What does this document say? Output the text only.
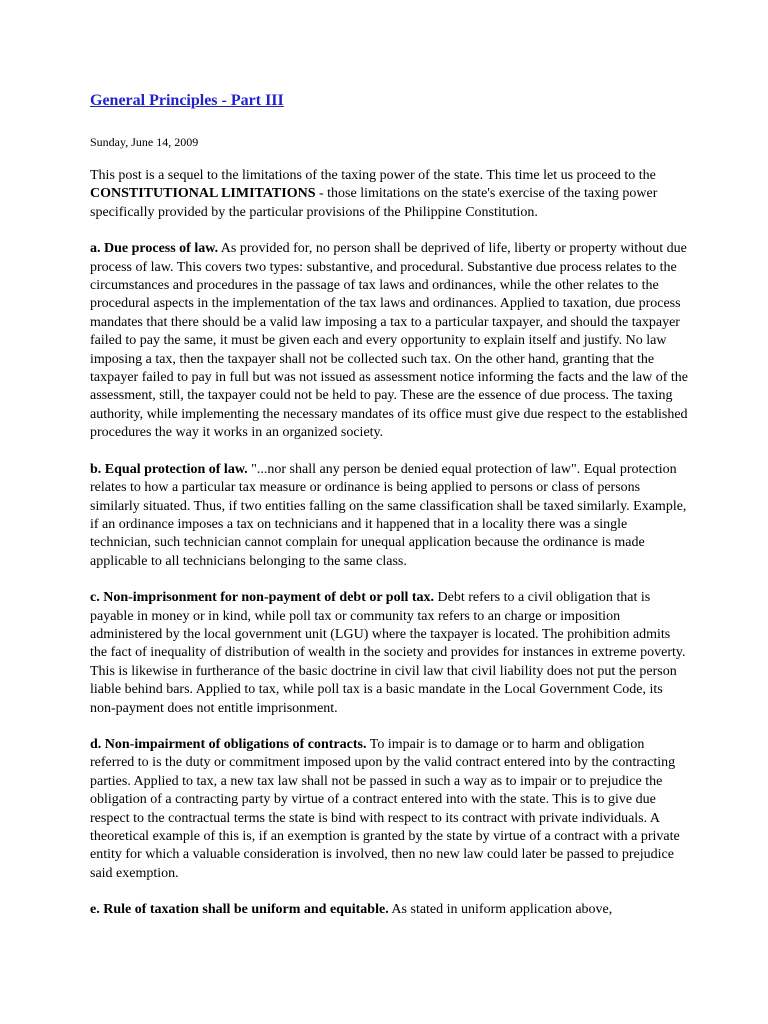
General Principles - Part III
Sunday, June 14, 2009

This post is a sequel to the limitations of the taxing power of the state. This time let us proceed to the CONSTITUTIONAL LIMITATIONS - those limitations on the state's exercise of the taxing power specifically provided by the particular provisions of the Philippine Constitution.

a. Due process of law. As provided for, no person shall be deprived of life, liberty or property without due process of law. This covers two types: substantive, and procedural. Substantive due process relates to the circumstances and procedures in the passage of tax laws and ordinances, while the other relates to the procedural aspects in the implementation of the tax laws and ordinances. Applied to taxation, due process mandates that there should be a valid law imposing a tax to a particular taxpayer, and should the taxpayer failed to pay the same, it must be given each and every opportunity to explain itself and justify. No law imposing a tax, then the taxpayer shall not be collected such tax. On the other hand, granting that the taxpayer failed to pay in full but was not issued as assessment notice informing the facts and the law of the assessment, still, the taxpayer could not be held to pay. These are the essence of due process. The taxing authority, while implementing the necessary mandates of its office must give due respect to the established procedures the way it works in an organized society.

b. Equal protection of law. "...nor shall any person be denied equal protection of law". Equal protection relates to how a particular tax measure or ordinance is being applied to persons or class of persons similarly situated. Thus, if two entities falling on the same classification shall be taxed similarly. Example, if an ordinance imposes a tax on technicians and it happened that in a locality there was a single technician, such technician cannot complain for unequal application because the ordinance is made applicable to all technicians belonging to the same class.

c. Non-imprisonment for non-payment of debt or poll tax. Debt refers to a civil obligation that is payable in money or in kind, while poll tax or community tax refers to an charge or imposition administered by the local government unit (LGU) where the taxpayer is located. The prohibition admits the fact of inequality of distribution of wealth in the society and provides for instances in extreme poverty. This is likewise in furtherance of the basic doctrine in civil law that civil liability does not put the person liable behind bars. Applied to tax, while poll tax is a basic mandate in the Local Government Code, its non-payment does not entitle imprisonment.

d. Non-impairment of obligations of contracts. To impair is to damage or to harm and obligation referred to is the duty or commitment imposed upon by the valid contract entered into by the contracting parties. Applied to tax, a new tax law shall not be passed in such a way as to impair or to prejudice the obligation of a contracting party by virtue of a contract entered into with the state. This is to give due respect to the contractual terms the state is bind with respect to its contract with private individuals. A theoretical example of this is, if an exemption is granted by the state by virtue of a contract with a private entity for which a valuable consideration is involved, then no new law could later be passed to prejudice said exemption.

e. Rule of taxation shall be uniform and equitable. As stated in uniform application above,
